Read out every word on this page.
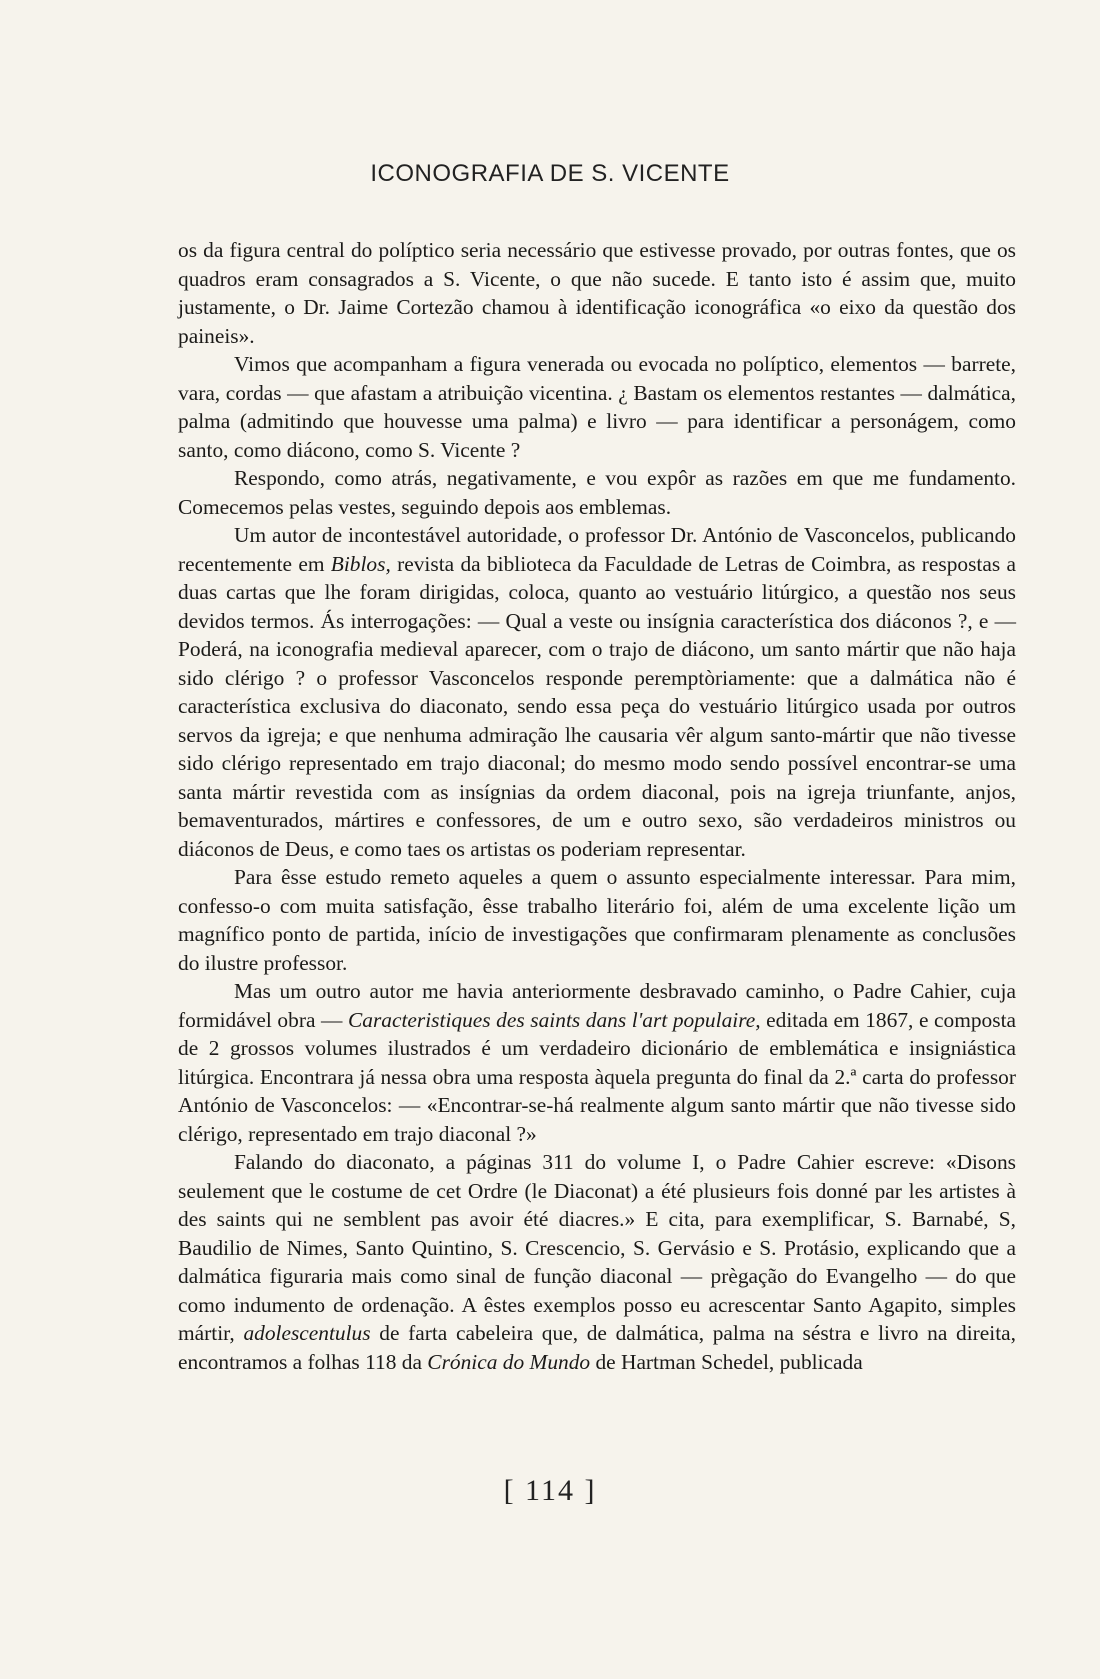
ICONOGRAFIA DE S. VICENTE

os da figura central do políptico seria necessário que estivesse provado, por outras fontes, que os quadros eram consagrados a S. Vicente, o que não sucede. E tanto isto é assim que, muito justamente, o Dr. Jaime Cortezão chamou à identificação iconográfica «o eixo da questão dos paineis».

Vimos que acompanham a figura venerada ou evocada no políptico, elementos — barrete, vara, cordas — que afastam a atribuição vicentina. ¿ Bastam os elementos restantes — dalmática, palma (admitindo que houvesse uma palma) e livro — para identificar a personágem, como santo, como diácono, como S. Vicente ?

Respondo, como atrás, negativamente, e vou expôr as razões em que me fundamento. Comecemos pelas vestes, seguindo depois aos emblemas.

Um autor de incontestável autoridade, o professor Dr. António de Vasconcelos, publicando recentemente em Biblos, revista da biblioteca da Faculdade de Letras de Coimbra, as respostas a duas cartas que lhe foram dirigidas, coloca, quanto ao vestuário litúrgico, a questão nos seus devidos termos. Ás interrogações: — Qual a veste ou insígnia característica dos diáconos ?, e — Poderá, na iconografia medieval aparecer, com o trajo de diácono, um santo mártir que não haja sido clérigo ? o professor Vasconcelos responde peremptòriamente: que a dalmática não é característica exclusiva do diaconato, sendo essa peça do vestuário litúrgico usada por outros servos da igreja; e que nenhuma admiração lhe causaria vêr algum santo-mártir que não tivesse sido clérigo representado em trajo diaconal; do mesmo modo sendo possível encontrar-se uma santa mártir revestida com as insígnias da ordem diaconal, pois na igreja triunfante, anjos, bemaventurados, mártires e confessores, de um e outro sexo, são verdadeiros ministros ou diáconos de Deus, e como taes os artistas os poderiam representar.

Para êsse estudo remeto aqueles a quem o assunto especialmente interessar. Para mim, confesso-o com muita satisfação, êsse trabalho literário foi, além de uma excelente lição um magnífico ponto de partida, início de investigações que confirmaram plenamente as conclusões do ilustre professor.

Mas um outro autor me havia anteriormente desbravado caminho, o Padre Cahier, cuja formidável obra — Caracteristiques des saints dans l'art populaire, editada em 1867, e composta de 2 grossos volumes ilustrados é um verdadeiro dicionário de emblemática e insigniástica litúrgica. Encontrara já nessa obra uma resposta àquela pregunta do final da 2.ª carta do professor António de Vasconcelos: — «Encontrar-se-há realmente algum santo mártir que não tivesse sido clérigo, representado em trajo diaconal ?»

Falando do diaconato, a páginas 311 do volume I, o Padre Cahier escreve: «Disons seulement que le costume de cet Ordre (le Diaconat) a été plusieurs fois donné par les artistes à des saints qui ne semblent pas avoir été diacres.» E cita, para exemplificar, S. Barnabé, S, Baudilio de Nimes, Santo Quintino, S. Crescencio, S. Gervásio e S. Protásio, explicando que a dalmática figuraria mais como sinal de função diaconal — prègação do Evangelho — do que como indumento de ordenação. A êstes exemplos posso eu acrescentar Santo Agapito, simples mártir, adolescentulus de farta cabeleira que, de dalmática, palma na séstra e livro na direita, encontramos a folhas 118 da Crónica do Mundo de Hartman Schedel, publicada

[ 114 ]
